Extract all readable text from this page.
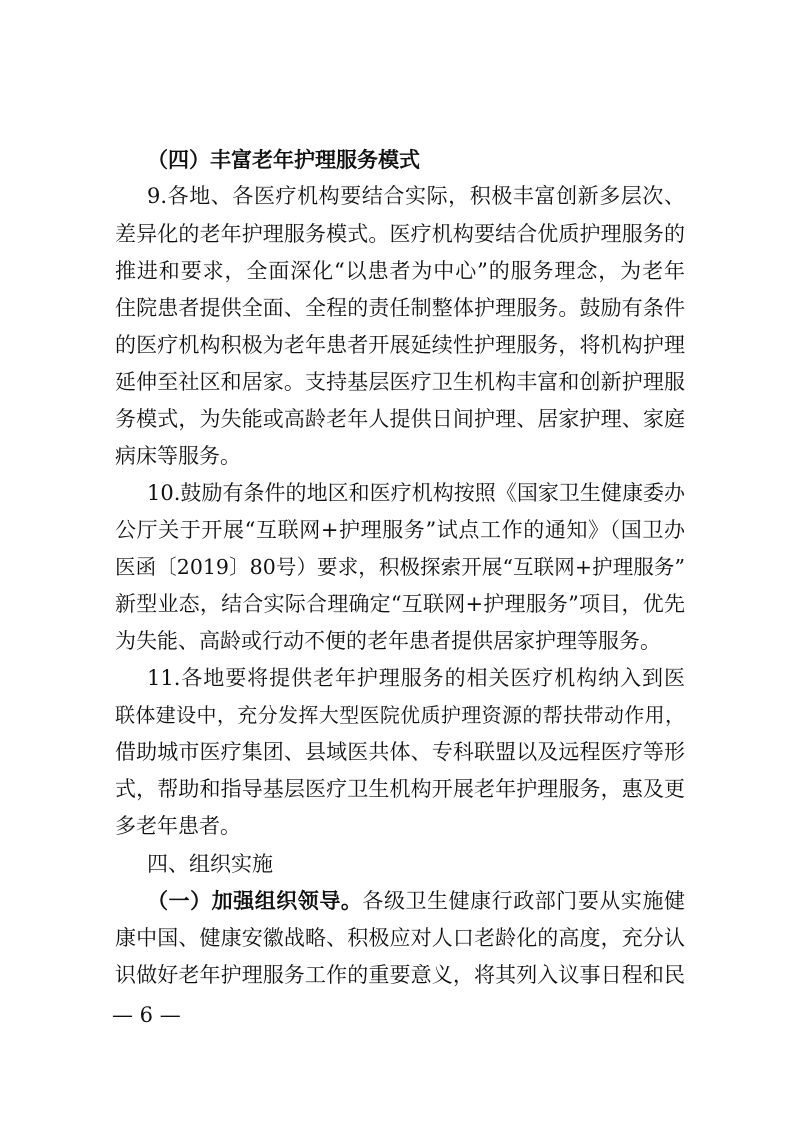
（四）丰富老年护理服务模式
9.各地、各医疗机构要结合实际，积极丰富创新多层次、
差异化的老年护理服务模式。医疗机构要结合优质护理服务的
推进和要求，全面深化“以患者为中心”的服务理念，为老年
住院患者提供全面、全程的责任制整体护理服务。鼓励有条件
的医疗机构积极为老年患者开展延续性护理服务，将机构护理
延伸至社区和居家。支持基层医疗卫生机构丰富和创新护理服
务模式，为失能或高龄老年人提供日间护理、居家护理、家庭
病床等服务。
10.鼓励有条件的地区和医疗机构按照《国家卫生健康委办
公厅关于开展“互联网+护理服务”试点工作的通知》（国卫办
医函〔2019〕80号）要求，积极探索开展“互联网+护理服务”
新型业态，结合实际合理确定“互联网+护理服务”项目，优先
为失能、高龄或行动不便的老年患者提供居家护理等服务。
11.各地要将提供老年护理服务的相关医疗机构纳入到医
联体建设中，充分发挥大型医院优质护理资源的帮扶带动作用，
借助城市医疗集团、县域医共体、专科联盟以及远程医疗等形
式，帮助和指导基层医疗卫生机构开展老年护理服务，惠及更
多老年患者。
四、组织实施
（一）加强组织领导。各级卫生健康行政部门要从实施健
康中国、健康安徽战略、积极应对人口老龄化的高度，充分认
识做好老年护理服务工作的重要意义，将其列入议事日程和民
— 6 —
